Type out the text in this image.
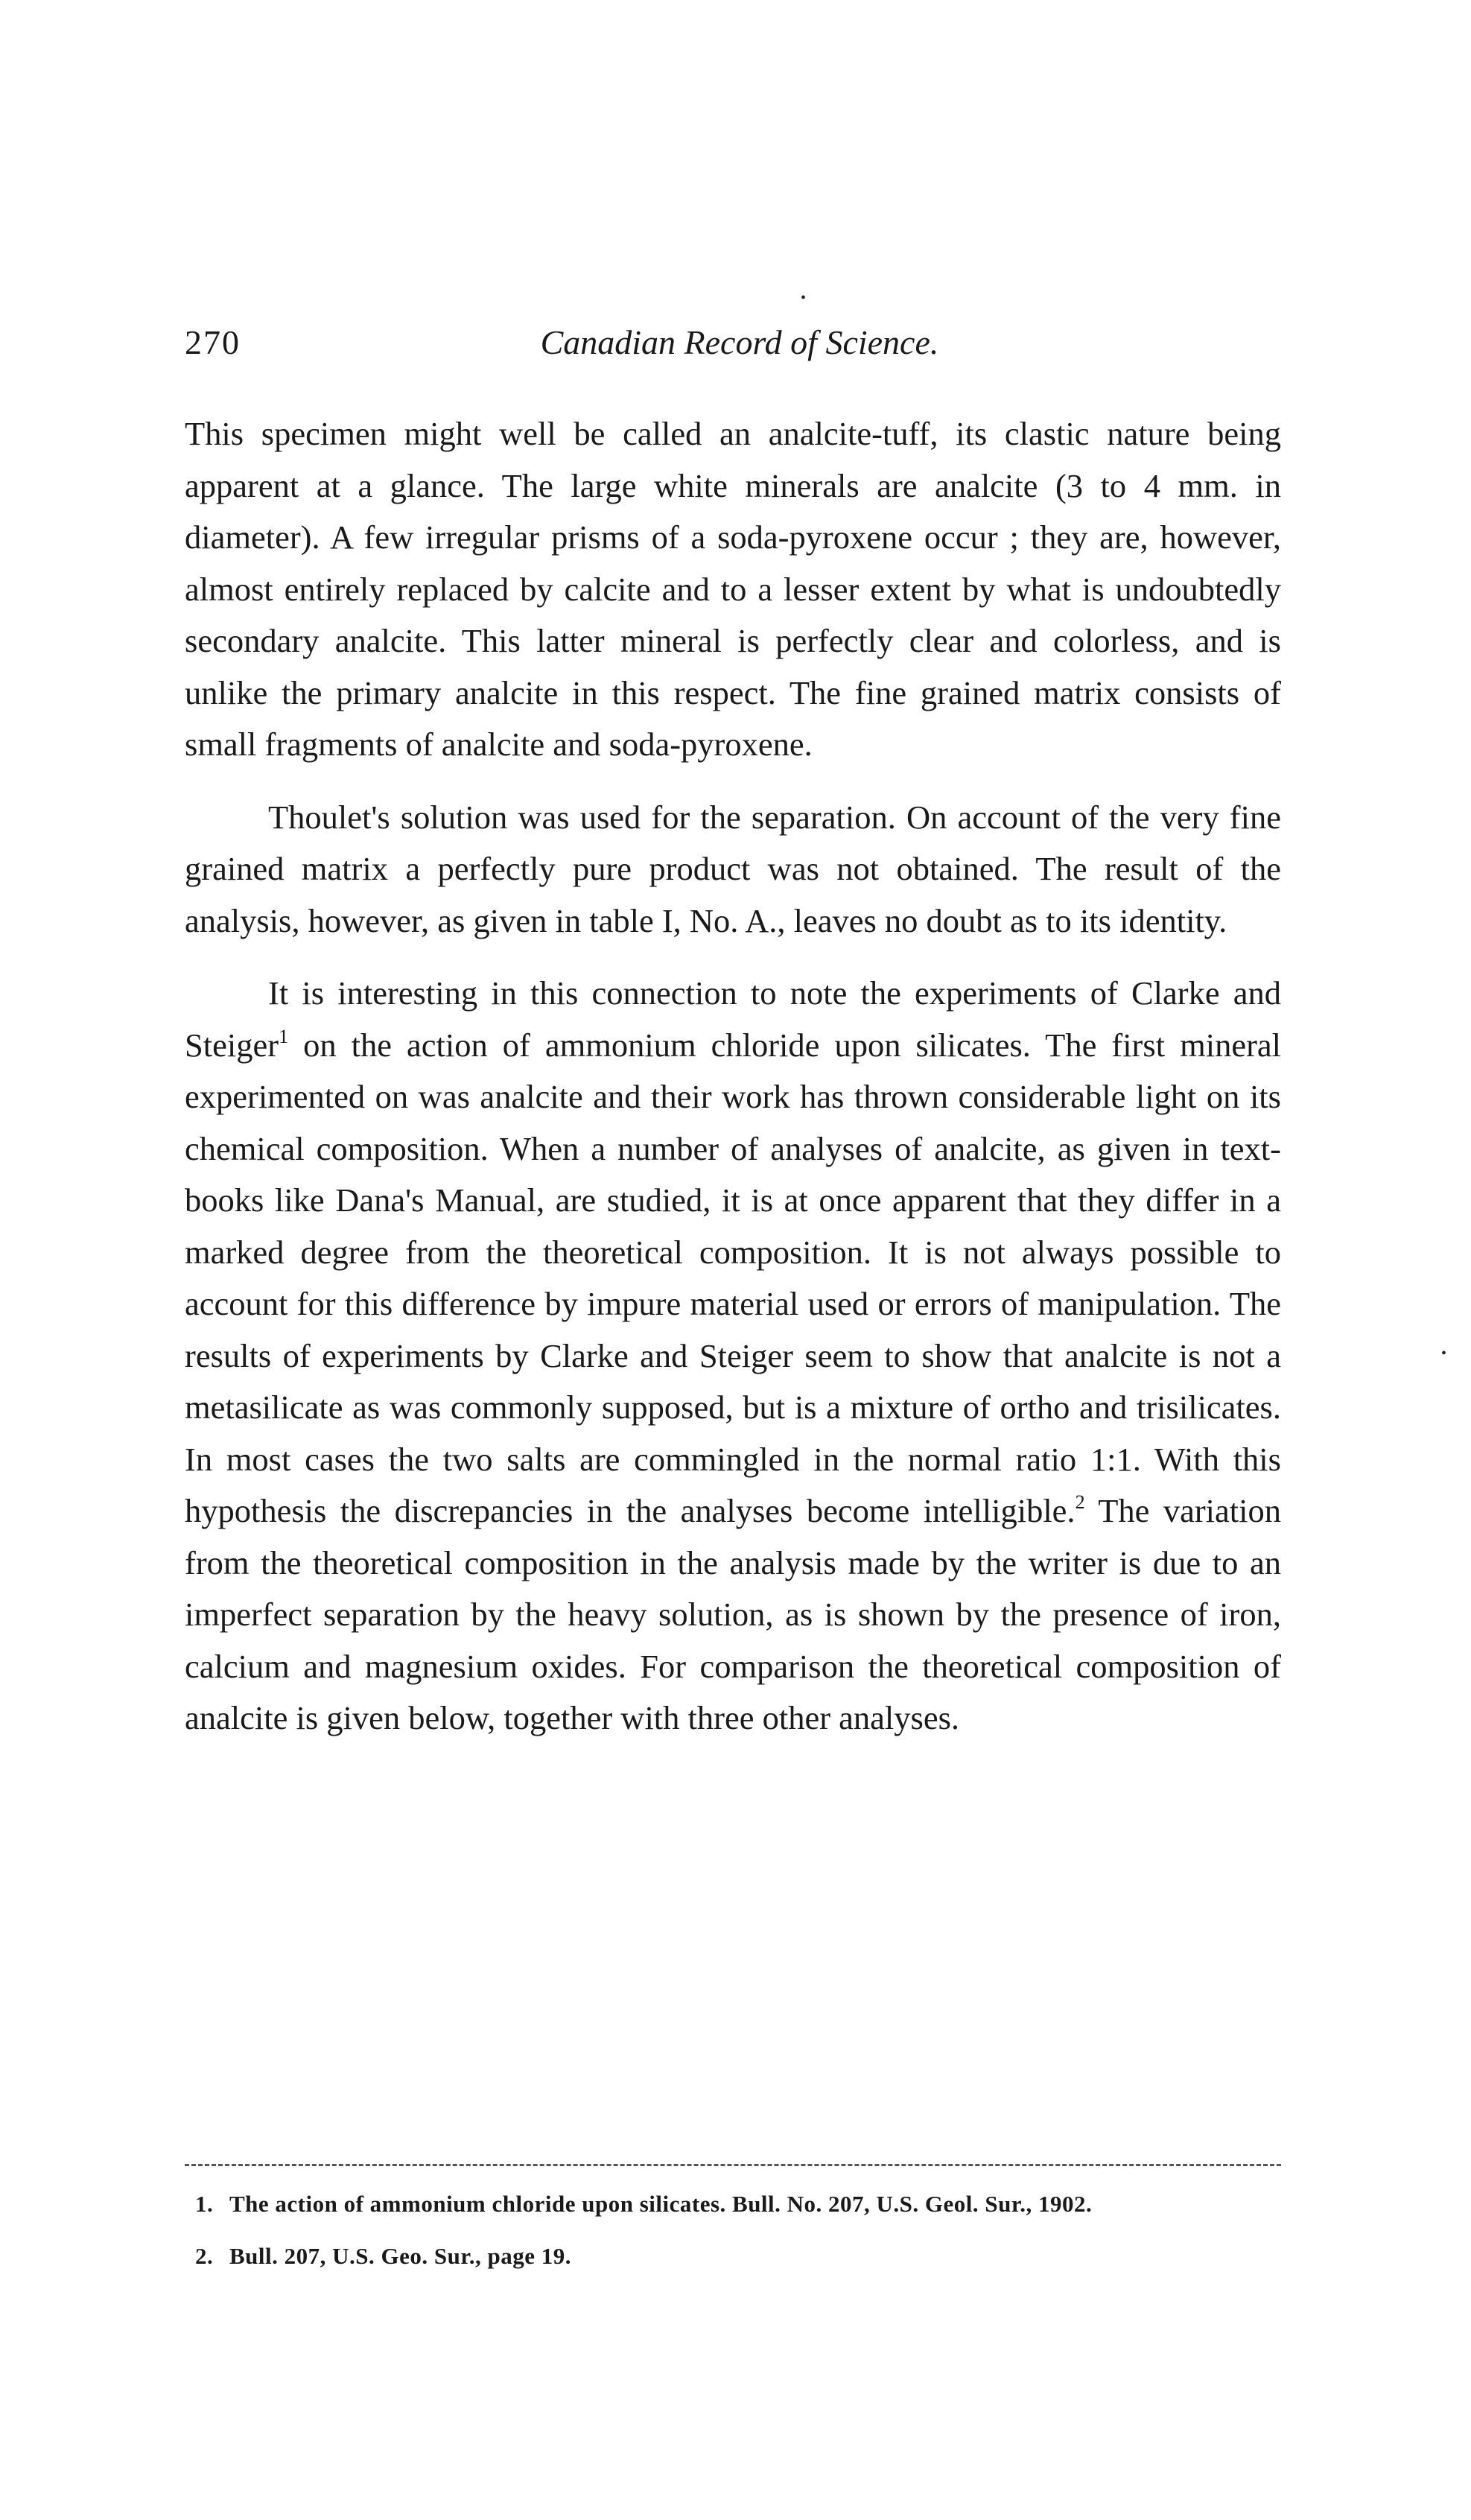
•
270	Canadian Record of Science.

This specimen might well be called an analcite-tuff, its clastic nature being apparent at a glance. The large white minerals are analcite (3 to 4 mm. in diameter). A few irregular prisms of a soda-pyroxene occur ; they are, however, almost entirely replaced by calcite and to a lesser extent by what is undoubtedly secondary analcite. This latter mineral is perfectly clear and colorless, and is unlike the primary analcite in this respect. The fine grained matrix consists of small fragments of analcite and soda-pyroxene.

Thoulet's solution was used for the separation. On account of the very fine grained matrix a perfectly pure product was not obtained. The result of the analysis, however, as given in table I, No. A., leaves no doubt as to its identity.

It is interesting in this connection to note the experiments of Clarke and Steiger$^1$ on the action of ammonium chloride upon silicates. The first mineral experimented on was analcite and their work has thrown considerable light on its chemical composition. When a number of analyses of analcite, as given in text-books like Dana's Manual, are studied, it is at once apparent that they differ in a marked degree from the theoretical composition. It is not always possible to account for this difference by impure material used or errors of manipulation. The results of experiments by Clarke and Steiger seem to show that analcite is not a metasilicate as was commonly supposed, but is a mixture of ortho and trisilicates. In most cases the two salts are commingled in the normal ratio 1:1. With this hypothesis the discrepancies in the analyses become intelligible.$^2$ The variation from the theoretical composition in the analysis made by the writer is due to an imperfect separation by the heavy solution, as is shown by the presence of iron, calcium and magnesium oxides. For comparison the theoretical composition of analcite is given below, together with three other analyses.

•

1. The action of ammonium chloride upon silicates. Bull. No. 207, U.S. Geol. Sur., 1902.

2. Bull. 207, U.S. Geo. Sur., page 19.
